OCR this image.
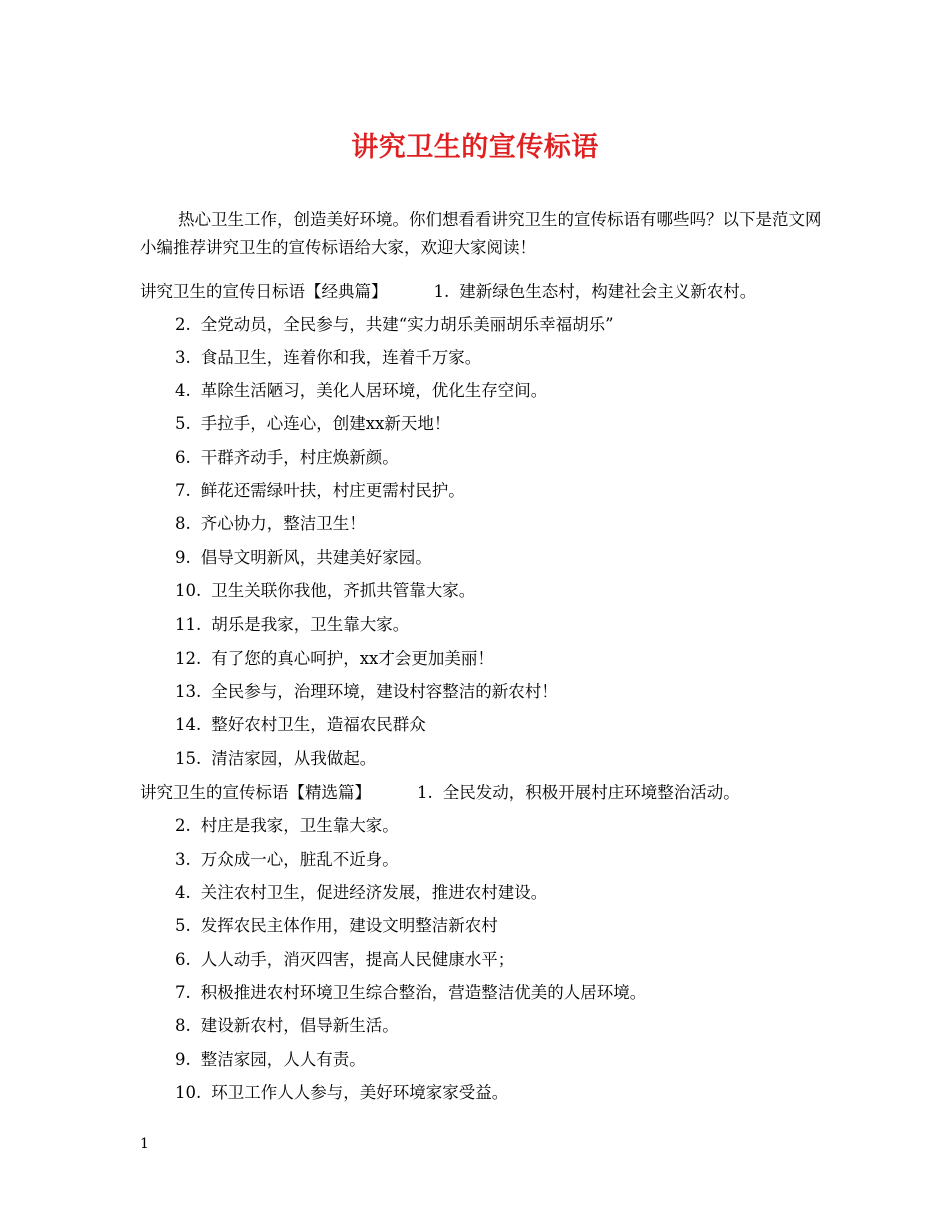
讲究卫生的宣传标语
热心卫生工作，创造美好环境。你们想看看讲究卫生的宣传标语有哪些吗？以下是范文网小编推荐讲究卫生的宣传标语给大家，欢迎大家阅读！
讲究卫生的宣传日标语【经典篇】	1. 建新绿色生态村，构建社会主义新农村。
2. 全党动员，全民参与，共建“实力胡乐美丽胡乐幸福胡乐”
3. 食品卫生，连着你和我，连着千万家。
4. 革除生活陋习，美化人居环境，优化生存空间。
5. 手拉手，心连心，创建xx新天地！
6. 干群齐动手，村庄焕新颜。
7. 鲜花还需绿叶扶，村庄更需村民护。
8. 齐心协力，整洁卫生！
9. 倡导文明新风，共建美好家园。
10. 卫生关联你我他，齐抓共管靠大家。
11. 胡乐是我家，卫生靠大家。
12. 有了您的真心呵护，xx才会更加美丽！
13. 全民参与，治理环境，建设村容整洁的新农村！
14. 整好农村卫生，造福农民群众
15. 清洁家园，从我做起。
讲究卫生的宣传标语【精选篇】	1. 全民发动，积极开展村庄环境整治活动。
2. 村庄是我家，卫生靠大家。
3. 万众成一心，脏乱不近身。
4. 关注农村卫生，促进经济发展，推进农村建设。
5. 发挥农民主体作用，建设文明整洁新农村
6. 人人动手，消灭四害，提高人民健康水平；
7. 积极推进农村环境卫生综合整治，营造整洁优美的人居环境。
8. 建设新农村，倡导新生活。
9. 整洁家园，人人有责。
10. 环卫工作人人参与，美好环境家家受益。
1
